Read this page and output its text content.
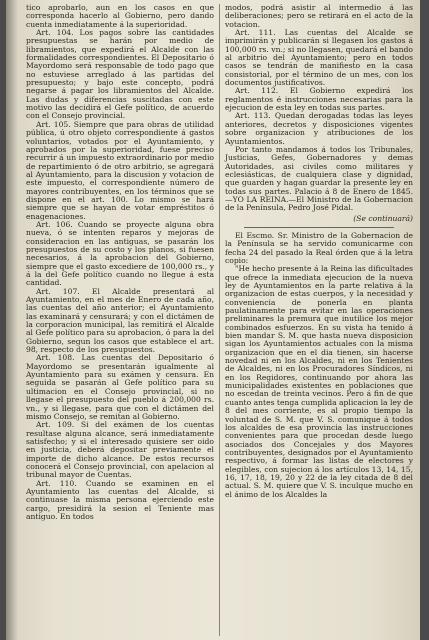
tico aprobarlo, aun en los casos en que corresponda hacerlo al Gobierno, pero dando cuenta inmediatamente á la superioridad.

Art. 104. Los pagos sobre las cantidades presupuestas se harán por medio de libramientos, que expedirá el Alcalde con las formalidades correspondientes. El Depositario ó Mayordomo será responsable de todo pago que no estuviese arreglado á las partidas del presupuesto; y bajo este concepto, podrá negarse á pagar los libramientos del Alcalde. Las dudas y diferencias suscitadas con este motivo las decidirá el Gefe político, de acuerdo con el Consejo provincial.

Art. 105. Siempre que para obras de utilidad pública, ú otro objeto correspondiente á gastos voluntarios, votados por el Ayuntamiento, y aprobados por la superioridad, fuese preciso recurrir á un impuesto extraordinario por medio de repartimiento ó de otro arbitrio, se agregará al Ayuntamiento, para la discusion y votacion de este impuesto, el correspondiente número de mayores contribuyentes, en los términos que se dispone en el art. 100. Lo mismo se hará siempre que se hayan de votar empréstitos ó enagenaciones.

Art. 106. Cuando se proyecte alguna obra nueva, ó se intenten reparos y mejoras de consideracion en las antiguas, se pasarán los presupuestos de su costo y los planos, si fuesen necesarios, á la aprobacion del Gobierno, siempre que el gasto excediere de 100,000 rs., y á la del Gefe político cuando no llegue á esta cantidad.

Art. 107. El Alcalde presentará al Ayuntamiento, en el mes de Enero de cada año, las cuentas del año anterior; el Ayuntamiento las examinará y censurará; y con el dictámen de la corporacion municipal, las remitirá el Alcalde al Gefe político para su aprobacion, ó para la del Gobierno, segun los casos que establece el art. 98, respecto de los presupuestos.

Art. 108. Las cuentas del Depositario ó Mayordomo se presentarán igualmente al Ayuntamiento para su exámen y censura. En seguida se pasarán al Gefe político para su ultimacion en el Consejo provincial, si no llegase el presupuesto del pueblo á 200,000 rs. vn., y si llegase, para que con el dictámen del mismo Consejo, se remitan al Gobierno.

Art. 109. Si del exámen de los cuentas resultase alguna alcance, será inmediatamente satisfecho; y si el interesado quisiere ser oido en justicia, deberá depositar previamente el importe de dicho alcance. De estos recursos conocerá el Consejo provincial, con apelacion al tribunal mayor de Cuentas.

Art. 110. Cuando se examinen en el Ayuntamiento las cuentas del Alcalde, si continuase la misma persona ejerciendo este cargo, presidirá la sesion el Teniente mas antiguo. En todos

modos, podrá asistir al intermedio á las deliberaciones; pero se retirará en el acto de la votacion.

Art. 111. Las cuentas del Alcalde se imprimirán y publicarán si llegasen los gastos á 100,000 rs. vn.; si no llegasen, quedará el bando al arbitrio del Ayuntamiento; pero en todos casos se tendrán de manifiesto en la casa consistorial, por el término de un mes, con los documentos justificativos.

Art. 112. El Gobierno expedirá los reglamentos é instrucciones necesarias para la ejecucion de esta ley en todas sus partes.

Art. 113. Quedan derogadas todas las leyes anteriores, decretos y disposiciones vigentes sobre organizacion y atribuciones de los Ayuntamientos.

Por tanto mandamos á todos los Tribunales, Justicias, Gefes, Gobernadores y demas Autoridades, asi civiles como militares y eclesiásticas, de cualquiera clase y dignidad, que guarden y hagan guardar la presente ley en todas sus partes. Palacio á 8 de Enero de 1845.—YO LA REINA.—El Ministro de la Gobernacion de la Península, Pedro José Pidal.

(Se continuará)

El Escmo. Sr. Ministro de la Gobernacion de la Península se ha servido comunicarme con fecha 24 del pasado la Real órden que á la letra copio:

"He hecho presente á la Reina las dificultades que ofrece la inmediata ejecucion de la nueva ley de Ayuntamientos en la parte relativa á la organizacion de estas cuerpos, y la necesidad y conveniencia de ponerla en planta paulatinamente para evitar en las operaciones preliminares la premura que inutilice los mejor combinados esfuerzos. En su vista ha tenido á bien mandar S. M. que hasta nueva disposicion sigan los Ayuntamientos actuales con la misma organizacion que en el dia tienen, sin hacerse novedad ni en los Alcaldes, ni en los Tenientes de Alcaldes, ni en los Procuradores Síndicos, ni en los Regidores, continuando por ahora las municipalidades existentes en poblaciones que no escedan de treinta vecinos. Pero á fin de que cuanto antes tenga cumplida aplicacion la ley de 8 del mes corriente, es al propio tiempo la voluntad de S. M. que V. S. comunique á todos los alcaldes de esa provincia las instrucciones convenientes para que procedan desde luego asociados dos Concejales y dos Mayores contribuyentes, designados por el Ayuntamiento respectivo, á formar las listas de electores y elegibles, con sujecion á los artículos 13, 14, 15, 16, 17, 18, 19, 20 y 22 de la ley citada de 8 del actual. S. M. quiere que V. S. inculque mucho en el ánimo de los Alcaldes la
